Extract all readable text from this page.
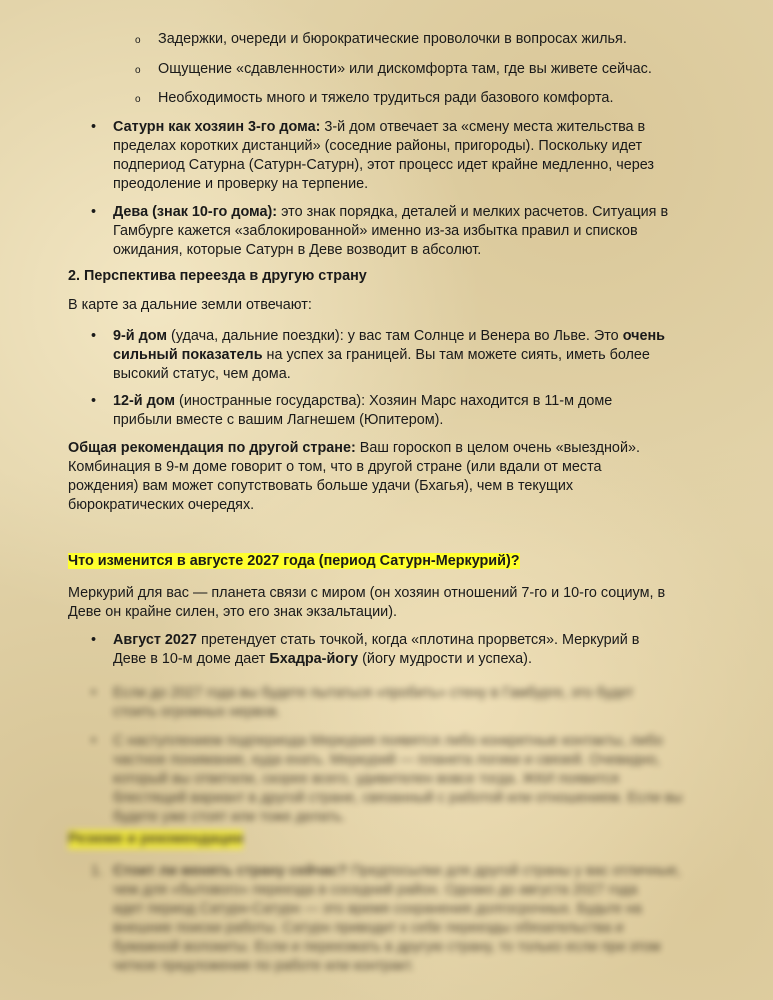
o Задержки, очереди и бюрократические проволочки в вопросах жилья.
o Ощущение «сдавленности» или дискомфорта там, где вы живете сейчас.
o Необходимость много и тяжело трудиться ради базового комфорта.
• Сатурн как хозяин 3-го дома: 3-й дом отвечает за «смену места жительства в
пределах коротких дистанций» (соседние районы, пригороды). Поскольку идет
подпериод Сатурна (Сатурн-Сатурн), этот процесс идет крайне медленно, через
преодоление и проверку на терпение.
• Дева (знак 10-го дома): это знак порядка, деталей и мелких расчетов. Ситуация в
Гамбурге кажется «заблокированной» именно из-за избытка правил и списков
ожидания, которые Сатурн в Деве возводит в абсолют.
2. Перспектива переезда в другую страну
В карте за дальние земли отвечают:
• 9-й дом (удача, дальние поездки): у вас там Солнце и Венера во Льве. Это очень
сильный показатель на успех за границей. Вы там можете сиять, иметь более
высокий статус, чем дома.
• 12-й дом (иностранные государства): Хозяин Марс находится в 11-м доме
прибыли вместе с вашим Лагнешем (Юпитером).
Общая рекомендация по другой стране: Ваш гороскоп в целом очень «выездной».
Комбинация в 9-м доме говорит о том, что в другой стране (или вдали от места
рождения) вам может сопутствовать больше удачи (Бхагья), чем в текущих
бюрократических очередях.
Что изменится в августе 2027 года (период Сатурн-Меркурий)?
Меркурий для вас — планета связи с миром (он хозяин отношений 7-го и 10-го социум, в
Деве он крайне силен, это его знак экзальтации).
• Август 2027 претендует стать точкой, когда «плотина прорвется». Меркурий в
Деве в 10-м доме дает Бхадра-йогу (йогу мудрости и успеха).
• Если до 2027 года вы будете пытаться «пробить» стену в Гамбурге, это будет
стоить огромных нервов.
• С наступлением подпериода Меркурия появятся либо конкретные контакты, либо
частное понимание, куда ехать. Меркурий — планета логики и связей. Очевидно,
который вы ответили, скорее всего, удивителен вовсе тогда. ЖКИ появится
блестящий вариант в другой стране, связанный с работой или отношением. Если вы
будете уже стоят или тоже делать.
Резюме и рекомендации
1. Стоит ли менять страну сейчас? Предпосылки для другой страны у вас отличные,
чем для «бытового» переезда в соседний район. Однако до августа 2027 года
идет период Сатурн-Сатурн — это время сохранения долгосрочных. Будьте на
внешние поиски работы. Сатурн приводит к себе переезды обязательства и
бумажной волокиты. Если и переезжать в другую страну, то только если при этом
четкое предложение по работе или контракт.
